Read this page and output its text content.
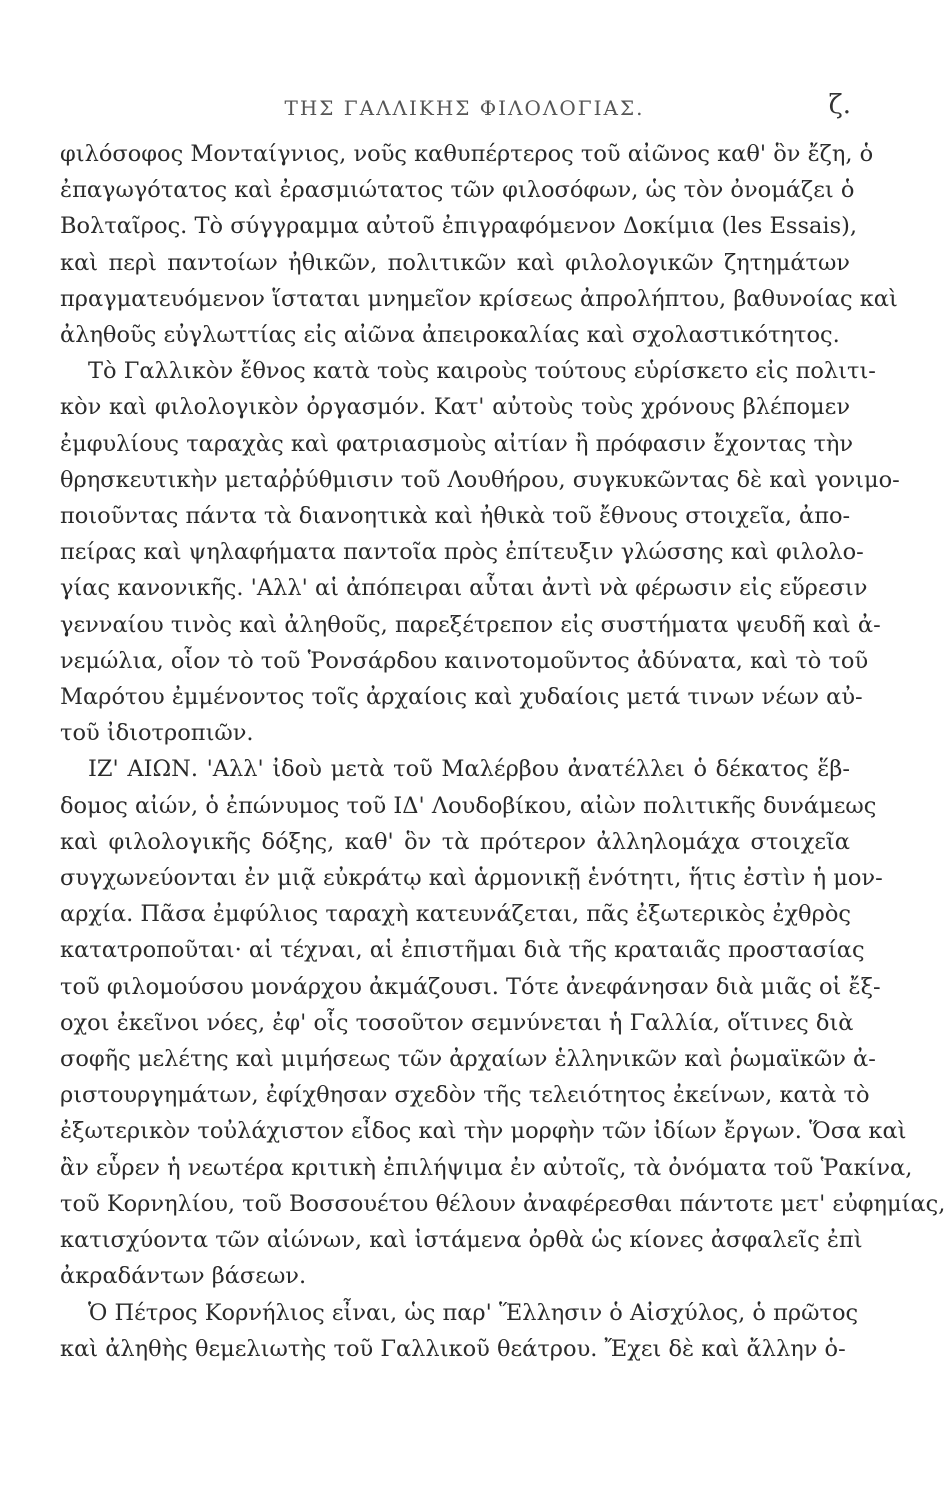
ΤΗΣ ΓΑΛΛΙΚΗΣ ΦΙΛΟΛΟΓΙΑΣ.	ζ.

φιλόσοφος Μονταίγνιος, νοῦς καθυπέρτερος τοῦ αἰῶνος καθ' ὃν ἔζη, ὁ
ἐπαγωγότατος καὶ ἐρασμιώτατος τῶν φιλοσόφων, ὡς τὸν ὀνομάζει ὁ
Βολταῖρος. Τὸ σύγγραμμα αὐτοῦ ἐπιγραφόμενον Δοκίμια (les Essais),
καὶ περὶ παντοίων ἠθικῶν, πολιτικῶν καὶ φιλολογικῶν ζητημάτων
πραγματευόμενον ἵσταται μνημεῖον κρίσεως ἀπρολήπτου, βαθυνοίας καὶ
ἀληθοῦς εὐγλωττίας εἰς αἰῶνα ἀπειροκαλίας καὶ σχολαστικότητος.

Τὸ Γαλλικὸν ἔθνος κατὰ τοὺς καιροὺς τούτους εὑρίσκετο εἰς πολιτι-
κὸν καὶ φιλολογικὸν ὀργασμόν. Κατ' αὐτοὺς τοὺς χρόνους βλέπομεν
ἐμφυλίους ταραχὰς καὶ φατριασμοὺς αἰτίαν ἢ πρόφασιν ἔχοντας τὴν
θρησκευτικὴν μεταῤῥύθμισιν τοῦ Λουθήρου, συγκυκῶντας δὲ καὶ γονιμο-
ποιοῦντας πάντα τὰ διανοητικὰ καὶ ἠθικὰ τοῦ ἔθνους στοιχεῖα, ἀπο-
πείρας καὶ ψηλαφήματα παντοῖα πρὸς ἐπίτευξιν γλώσσης καὶ φιλολο-
γίας κανονικῆς. 'Αλλ' αἱ ἀπόπειραι αὗται ἀντὶ νὰ φέρωσιν εἰς εὕρεσιν
γενναίου τινὸς καὶ ἀληθοῦς, παρεξέτρεπον εἰς συστήματα ψευδῆ καὶ ἀ-
νεμώλια, οἷον τὸ τοῦ Ῥονσάρδου καινοτομοῦντος ἀδύνατα, καὶ τὸ τοῦ
Μαρότου ἐμμένοντος τοῖς ἀρχαίοις καὶ χυδαίοις μετά τινων νέων αὐ-
τοῦ ἰδιοτροπιῶν.

ΙΖ' ΑΙΩΝ. 'Αλλ' ἰδοὺ μετὰ τοῦ Μαλέρβου ἀνατέλλει ὁ δέκατος ἕβ-
δομος αἰών, ὁ ἐπώνυμος τοῦ ΙΔ' Λουδοβίκου, αἰὼν πολιτικῆς δυνάμεως
καὶ φιλολογικῆς δόξης, καθ' ὃν τὰ πρότερον ἀλληλομάχα στοιχεῖα
συγχωνεύονται ἐν μιᾷ εὐκράτῳ καὶ ἁρμονικῇ ἑνότητι, ἥτις ἐστὶν ἡ μον-
αρχία. Πᾶσα ἐμφύλιος ταραχὴ κατευνάζεται, πᾶς ἐξωτερικὸς ἐχθρὸς
κατατροποῦται· αἱ τέχναι, αἱ ἐπιστῆμαι διὰ τῆς κραταιᾶς προστασίας
τοῦ φιλομούσου μονάρχου ἀκμάζουσι. Τότε ἀνεφάνησαν διὰ μιᾶς οἱ ἔξ-
οχοι ἐκεῖνοι νόες, ἐφ' οἷς τοσοῦτον σεμνύνεται ἡ Γαλλία, οἵτινες διὰ
σοφῆς μελέτης καὶ μιμήσεως τῶν ἀρχαίων ἑλληνικῶν καὶ ῥωμαϊκῶν ἀ-
ριστουργημάτων, ἐφίχθησαν σχεδὸν τῆς τελειότητος ἐκείνων, κατὰ τὸ
ἐξωτερικὸν τοὐλάχιστον εἶδος καὶ τὴν μορφὴν τῶν ἰδίων ἔργων. Ὅσα καὶ
ἂν εὗρεν ἡ νεωτέρα κριτικὴ ἐπιλήψιμα ἐν αὐτοῖς, τὰ ὀνόματα τοῦ Ῥακίνα,
τοῦ Κορνηλίου, τοῦ Βοσσουέτου θέλουν ἀναφέρεσθαι πάντοτε μετ' εὐφημίας,
κατισχύοντα τῶν αἰώνων, καὶ ἱστάμενα ὀρθὰ ὡς κίονες ἀσφαλεῖς ἐπὶ
ἀκραδάντων βάσεων.

Ὁ Πέτρος Κορνήλιος εἶναι, ὡς παρ' Ἕλλησιν ὁ Αἰσχύλος, ὁ πρῶτος
καὶ ἀληθὴς θεμελιωτὴς τοῦ Γαλλικοῦ θεάτρου. Ἔχει δὲ καὶ ἄλλην ὁ-
